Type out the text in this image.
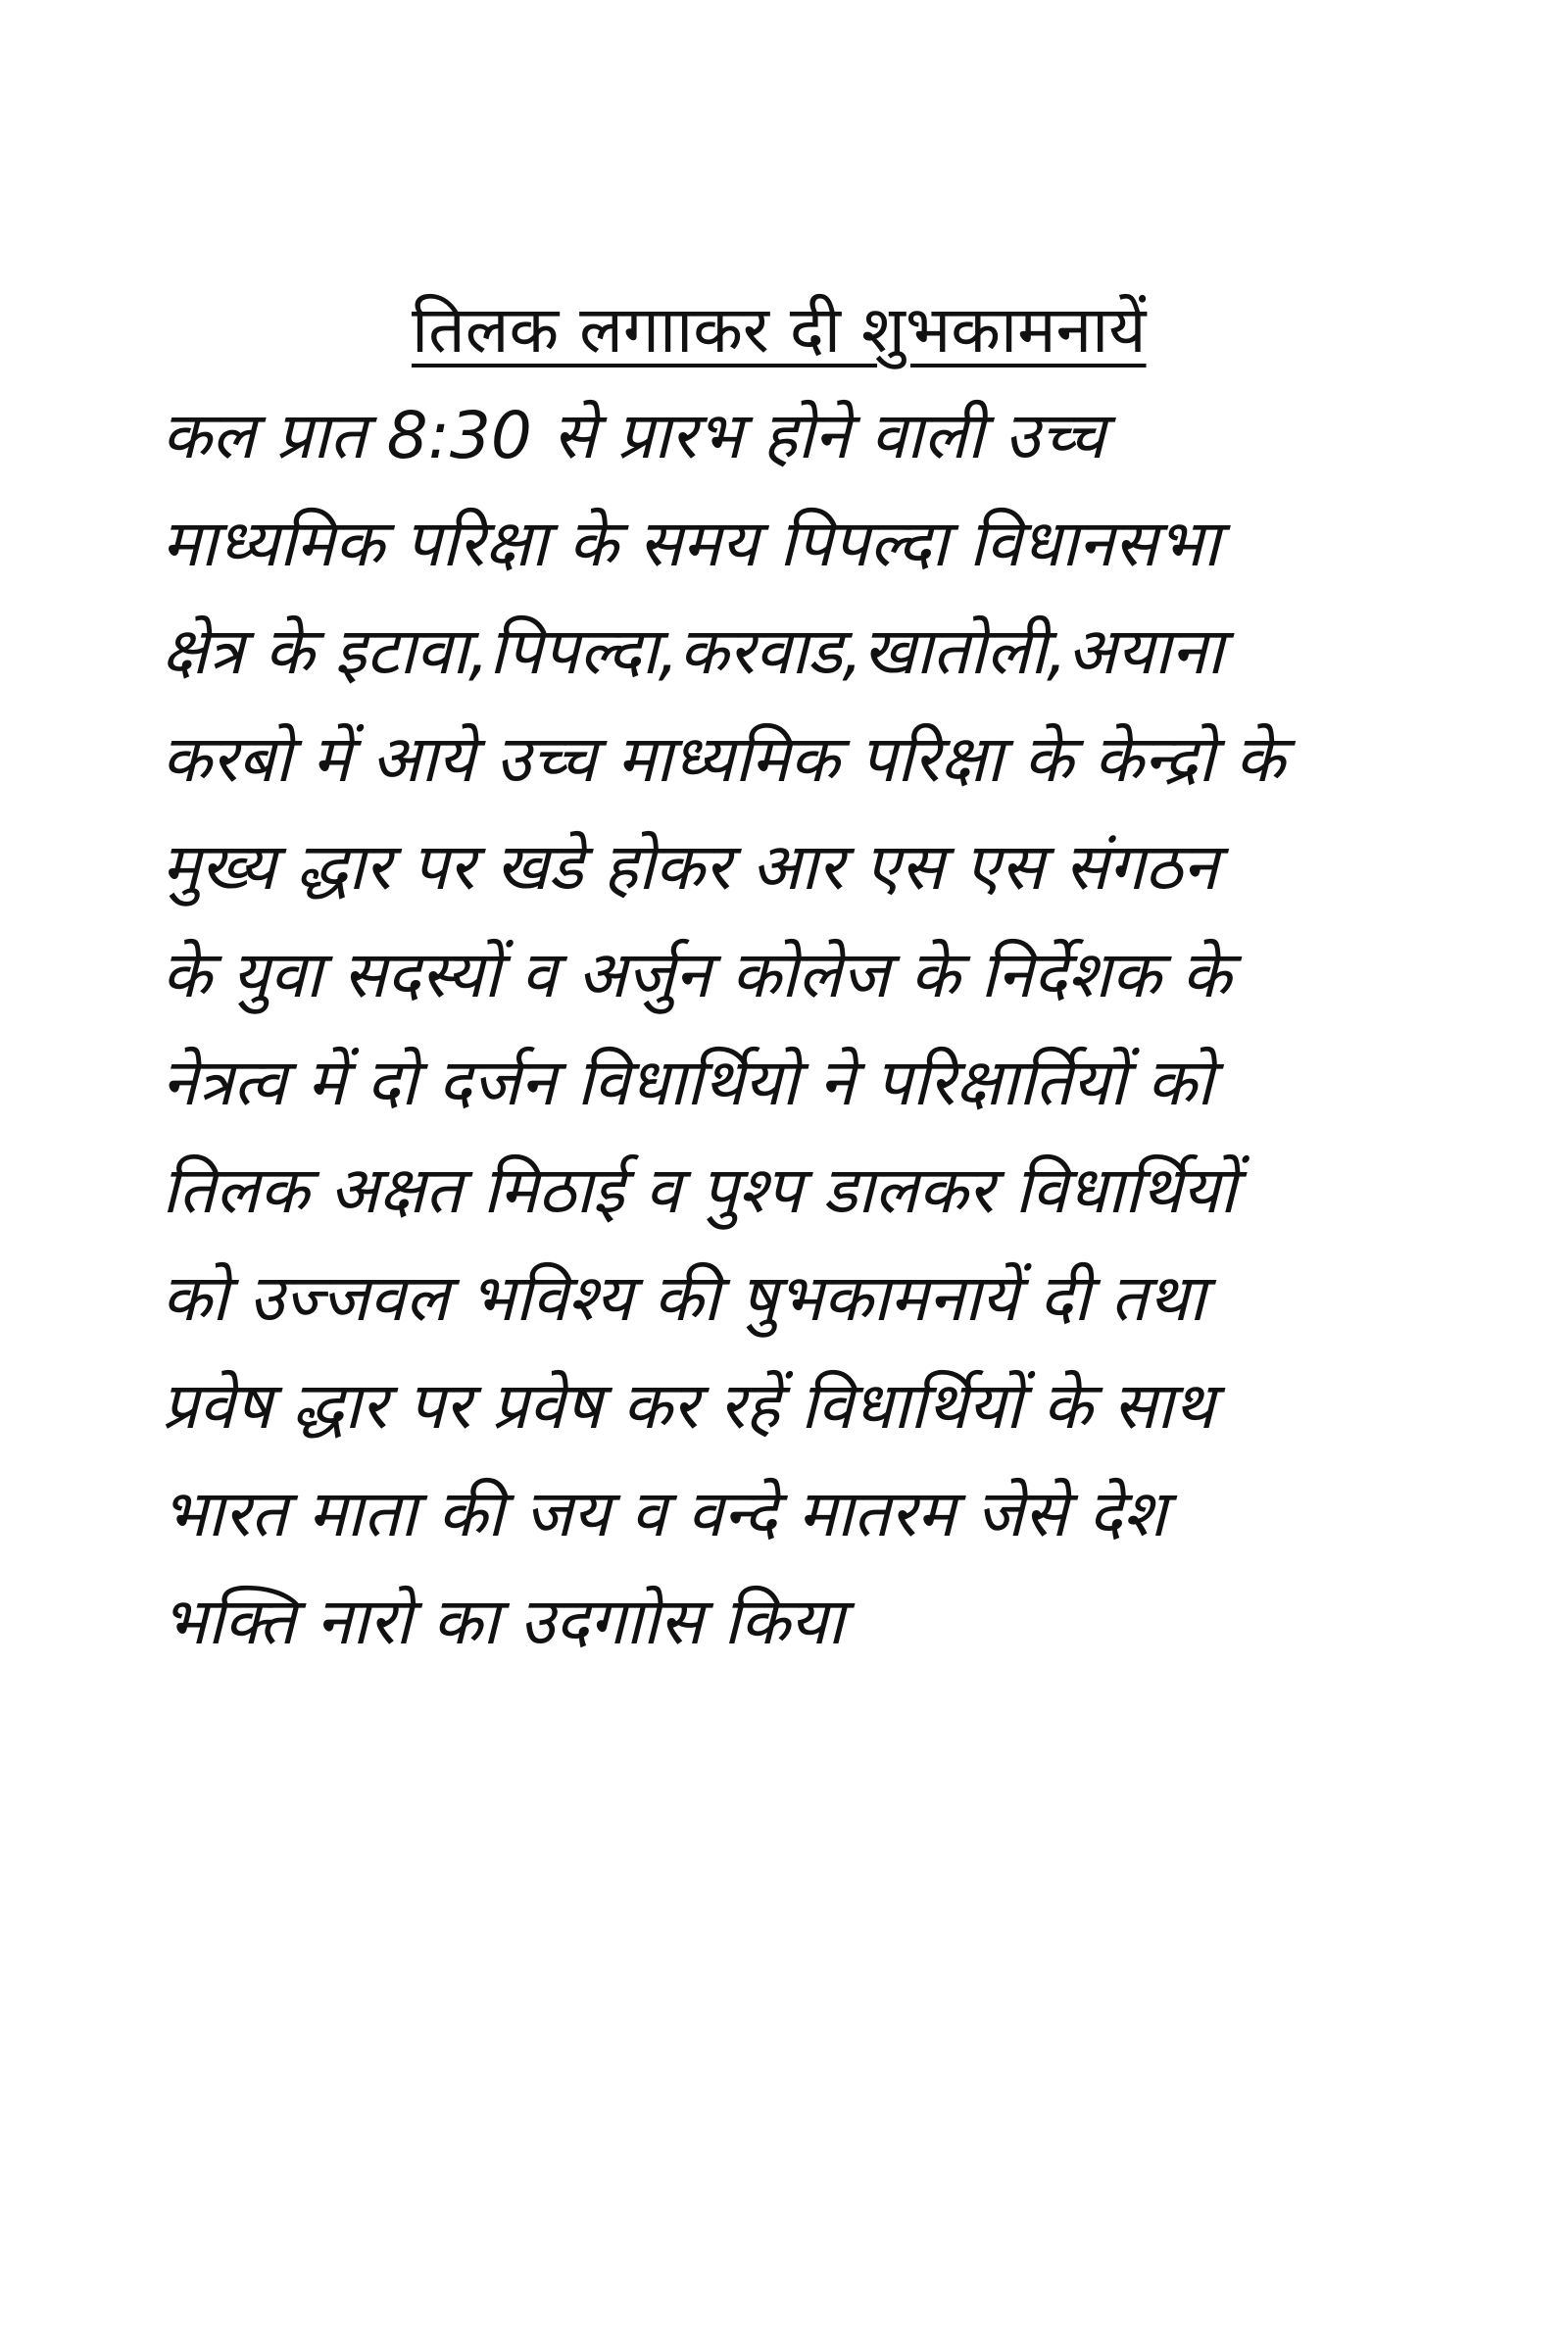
तिलक लगााकर दी शुभकामनायें
कल प्रात 8:30 से प्रारभ होने वाली उच्च
माध्यमिक परिक्षा के समय पिपल्दा विधानसभा
क्षेत्र के इटावा,पिपल्दा,करवाड,खातोली,अयाना
करबो में आये उच्च माध्यमिक परिक्षा के केन्द्रो के
मुख्य द्धार पर खडे होकर आर एस एस संगठन
के युवा सदस्यों व अर्जुन कोलेज के निर्देशक के
नेत्रत्व में दो दर्जन विधार्थियो ने परिक्षार्तियों को
तिलक अक्षत मिठाई व पुश्प डालकर विधार्थियों
को उज्जवल भविश्य की षुभकामनायें दी तथा
प्रवेष द्धार पर प्रवेष कर रहें विधार्थियों के साथ
भारत माता की जय व वन्दे मातरम जेसे देश
भक्ति नारो का उदगाोस किया
